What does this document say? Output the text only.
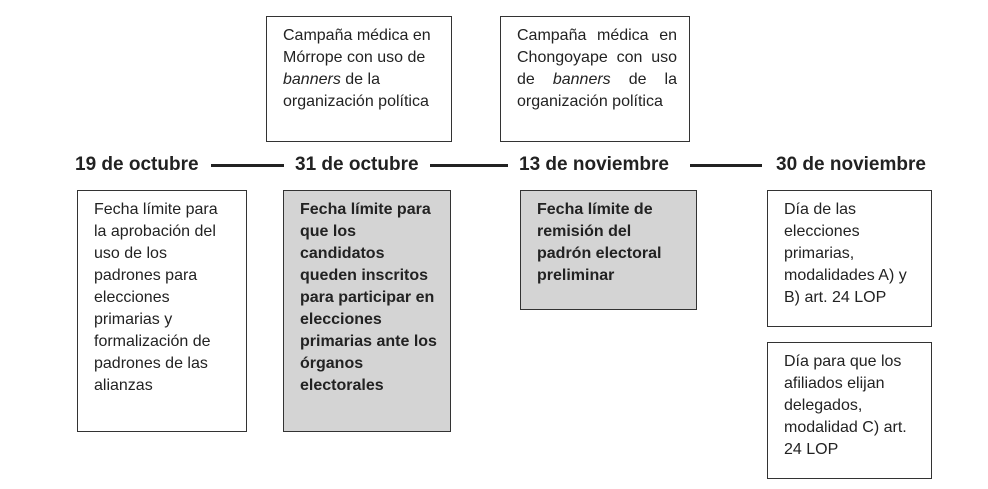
Campaña médica en Mórrope con uso de banners de la organización política
Campaña médica en Chongoyape con uso de banners de la organización política
19 de octubre	31 de octubre	13 de noviembre	30 de noviembre
Fecha límite para la aprobación del uso de los padrones para elecciones primarias y formalización de padrones de las alianzas
Fecha límite para que los candidatos queden inscritos para participar en elecciones primarias ante los órganos electorales
Fecha límite de remisión del padrón electoral preliminar
Día de las elecciones primarias, modalidades A) y B) art. 24 LOP
Día para que los afiliados elijan delegados, modalidad C) art. 24 LOP
